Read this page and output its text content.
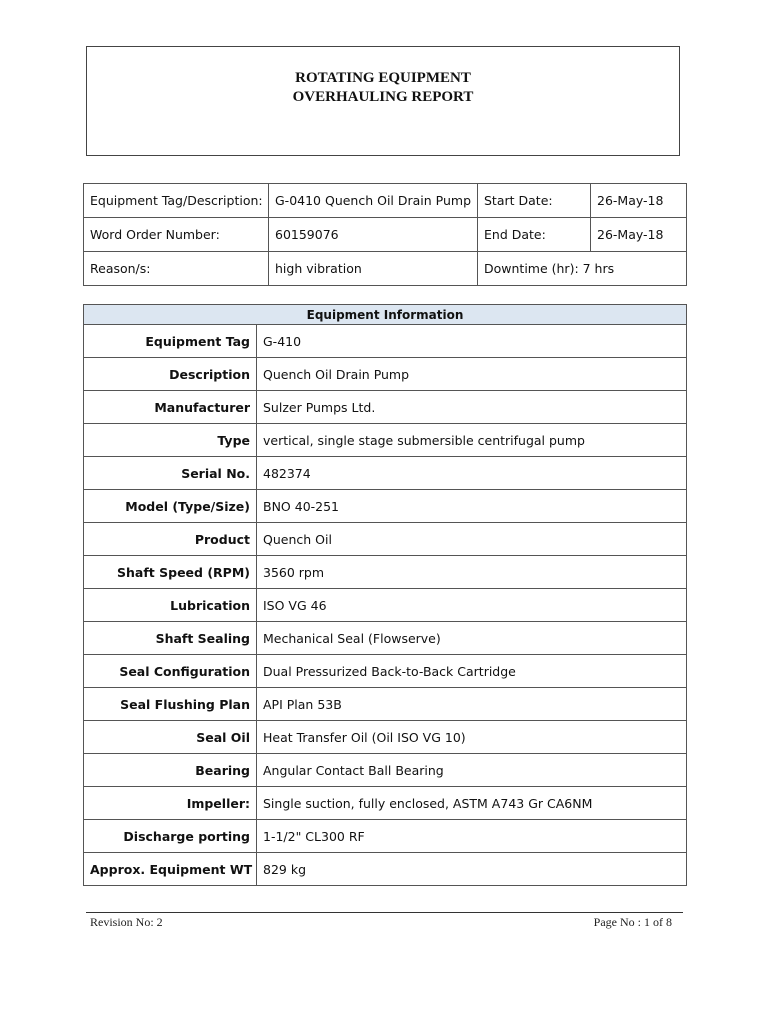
ROTATING EQUIPMENT
OVERHAULING REPORT
Equipment Tag/Description:	G-0410 Quench Oil Drain Pump	Start Date:	26-May-18
Word Order Number:	60159076	End Date:	26-May-18
Reason/s:	high vibration	Downtime (hr): 7 hrs	
Equipment Information	
Equipment Tag	G-410
Description	Quench Oil Drain Pump
Manufacturer	Sulzer Pumps Ltd.
Type	vertical, single stage submersible centrifugal pump
Serial No.	482374
Model (Type/Size)	BNO 40-251
Product	Quench Oil
Shaft Speed (RPM)	3560 rpm
Lubrication	ISO VG 46
Shaft Sealing	Mechanical Seal (Flowserve)
Seal Configuration	Dual Pressurized Back-to-Back Cartridge
Seal Flushing Plan	API Plan 53B
Seal Oil	Heat Transfer Oil (Oil ISO VG 10)
Bearing	Angular Contact Ball Bearing
Impeller:	Single suction, fully enclosed, ASTM A743 Gr CA6NM
Discharge porting	1-1/2" CL300 RF
Approx. Equipment WT	829 kg
Revision No: 2	Page No : 1 of 8
